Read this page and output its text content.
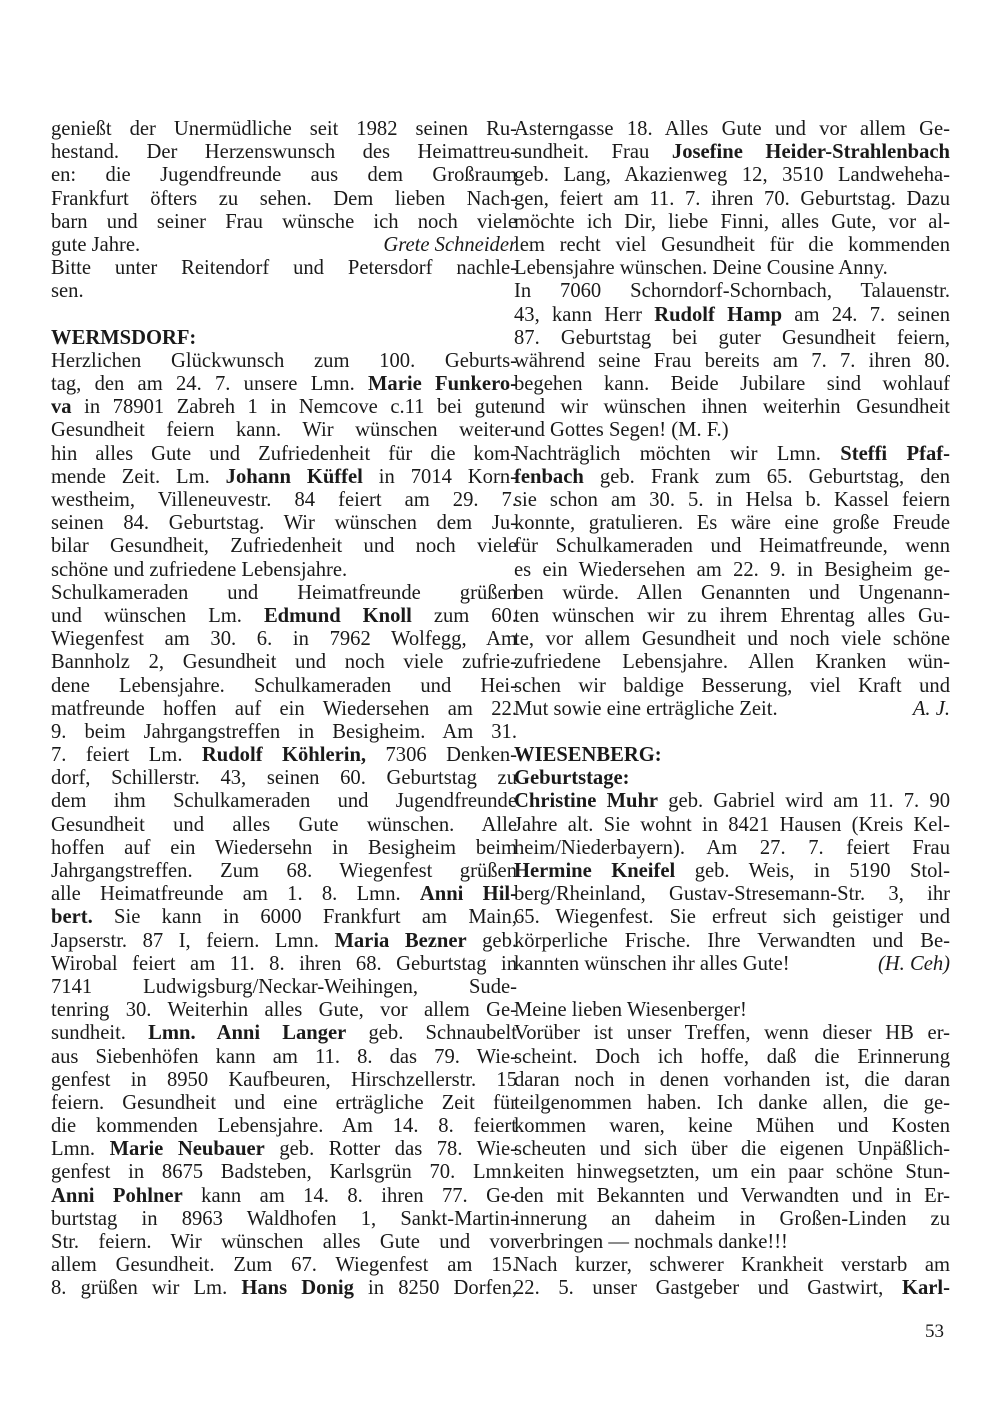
genießt der Unermüdliche seit 1982 seinen Ru-
hestand. Der Herzenswunsch des Heimattreu-
en: die Jugendfreunde aus dem Großraum
Frankfurt öfters zu sehen. Dem lieben Nach-
barn und seiner Frau wünsche ich noch viele
gute Jahre.	Grete Schneider
Bitte unter Reitendorf und Petersdorf nachle-
sen.
WERMSDORF:
Herzlichen Glückwunsch zum 100. Geburts-
tag, den am 24. 7. unsere Lmn. Marie Funkero-
va in 78901 Zabreh 1 in Nemcove c.11 bei guter
Gesundheit feiern kann. Wir wünschen weiter-
hin alles Gute und Zufriedenheit für die kom-
mende Zeit. Lm. Johann Küffel in 7014 Korn-
westheim, Villeneuvestr. 84 feiert am 29. 7.
seinen 84. Geburtstag. Wir wünschen dem Ju-
bilar Gesundheit, Zufriedenheit und noch viele
schöne und zufriedene Lebensjahre.
Schulkameraden und Heimatfreunde grüßen
und wünschen Lm. Edmund Knoll zum 60.
Wiegenfest am 30. 6. in 7962 Wolfegg, Am
Bannholz 2, Gesundheit und noch viele zufrie-
dene Lebensjahre. Schulkameraden und Hei-
matfreunde hoffen auf ein Wiedersehen am 22.
9. beim Jahrgangstreffen in Besigheim. Am 31.
7. feiert Lm. Rudolf Köhlerin, 7306 Denken-
dorf, Schillerstr. 43, seinen 60. Geburtstag zu
dem ihm Schulkameraden und Jugendfreunde
Gesundheit und alles Gute wünschen. Alle
hoffen auf ein Wiedersehn in Besigheim beim
Jahrgangstreffen. Zum 68. Wiegenfest grüßen
alle Heimatfreunde am 1. 8. Lmn. Anni Hil-
bert. Sie kann in 6000 Frankfurt am Main,
Japserstr. 87 I, feiern. Lmn. Maria Bezner geb.
Wirobal feiert am 11. 8. ihren 68. Geburtstag in
7141 Ludwigsburg/Neckar-Weihingen, Sude-
tenring 30. Weiterhin alles Gute, vor allem Ge-
sundheit. Lmn. Anni Langer geb. Schnaubelt
aus Siebenhöfen kann am 11. 8. das 79. Wie-
genfest in 8950 Kaufbeuren, Hirschzellerstr. 15
feiern. Gesundheit und eine erträgliche Zeit für
die kommenden Lebensjahre. Am 14. 8. feiert
Lmn. Marie Neubauer geb. Rotter das 78. Wie-
genfest in 8675 Badsteben, Karlsgrün 70. Lmn.
Anni Pohlner kann am 14. 8. ihren 77. Ge-
burtstag in 8963 Waldhofen 1, Sankt-Martin-
Str. feiern. Wir wünschen alles Gute und vor
allem Gesundheit. Zum 67. Wiegenfest am 15.
8. grüßen wir Lm. Hans Donig in 8250 Dorfen,
Asterngasse 18. Alles Gute und vor allem Ge-
sundheit. Frau Josefine Heider-Strahlenbach
geb. Lang, Akazienweg 12, 3510 Landweheha-
gen, feiert am 11. 7. ihren 70. Geburtstag. Dazu
möchte ich Dir, liebe Finni, alles Gute, vor al-
lem recht viel Gesundheit für die kommenden
Lebensjahre wünschen. Deine Cousine Anny.
In 7060 Schorndorf-Schornbach, Talauenstr.
43, kann Herr Rudolf Hamp am 24. 7. seinen
87. Geburtstag bei guter Gesundheit feiern,
während seine Frau bereits am 7. 7. ihren 80.
begehen kann. Beide Jubilare sind wohlauf
und wir wünschen ihnen weiterhin Gesundheit
und Gottes Segen! (M. F.)
Nachträglich möchten wir Lmn. Steffi Pfaf-
fenbach geb. Frank zum 65. Geburtstag, den
sie schon am 30. 5. in Helsa b. Kassel feiern
konnte, gratulieren. Es wäre eine große Freude
für Schulkameraden und Heimatfreunde, wenn
es ein Wiedersehen am 22. 9. in Besigheim ge-
ben würde. Allen Genannten und Ungenann-
ten wünschen wir zu ihrem Ehrentag alles Gu-
te, vor allem Gesundheit und noch viele schöne
zufriedene Lebensjahre. Allen Kranken wün-
schen wir baldige Besserung, viel Kraft und
Mut sowie eine erträgliche Zeit.	A. J.
WIESENBERG:
Geburtstage:
Christine Muhr geb. Gabriel wird am 11. 7. 90
Jahre alt. Sie wohnt in 8421 Hausen (Kreis Kel-
heim/Niederbayern). Am 27. 7. feiert Frau
Hermine Kneifel geb. Weis, in 5190 Stol-
berg/Rheinland, Gustav-Stresemann-Str. 3, ihr
65. Wiegenfest. Sie erfreut sich geistiger und
körperliche Frische. Ihre Verwandten und Be-
kannten wünschen ihr alles Gute!	(H. Ceh)
Meine lieben Wiesenberger!
Vorüber ist unser Treffen, wenn dieser HB er-
scheint. Doch ich hoffe, daß die Erinnerung
daran noch in denen vorhanden ist, die daran
teilgenommen haben. Ich danke allen, die ge-
kommen waren, keine Mühen und Kosten
scheuten und sich über die eigenen Unpäßlich-
keiten hinwegsetzten, um ein paar schöne Stun-
den mit Bekannten und Verwandten und in Er-
innerung an daheim in Großen-Linden zu
verbringen — nochmals danke!!!
Nach kurzer, schwerer Krankheit verstarb am
22. 5. unser Gastgeber und Gastwirt, Karl-
53
